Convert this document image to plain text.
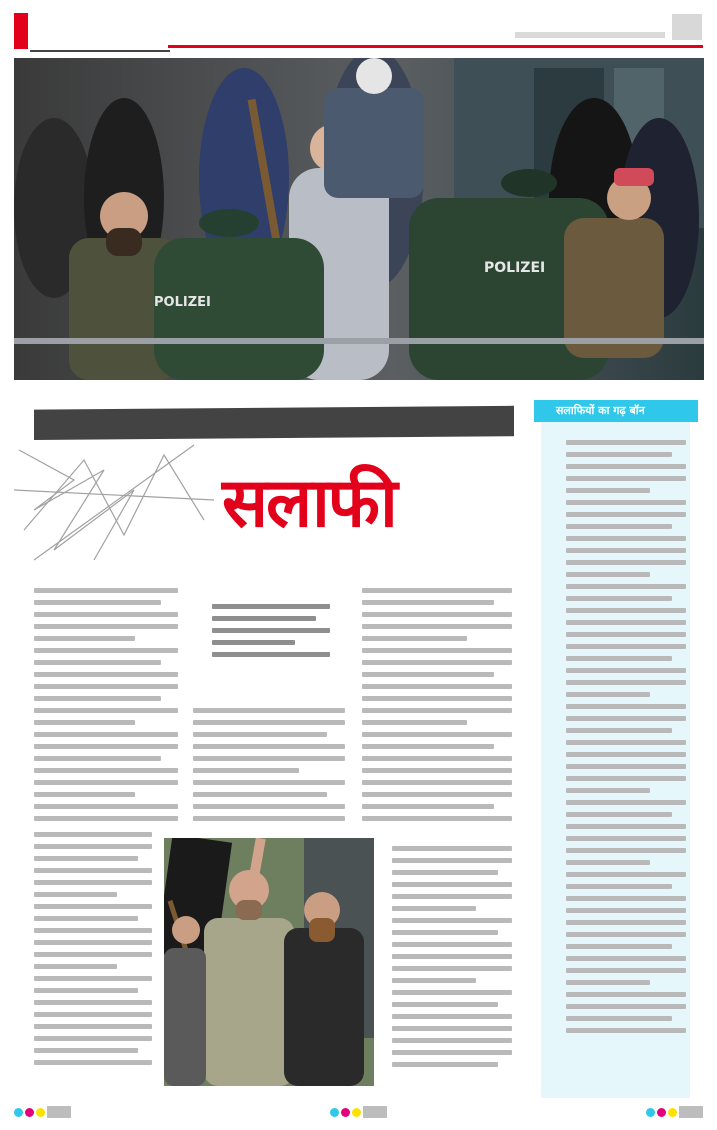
POLIZEI
POLIZEI
सलाफी
सलाफियों का गढ़ बॉन
